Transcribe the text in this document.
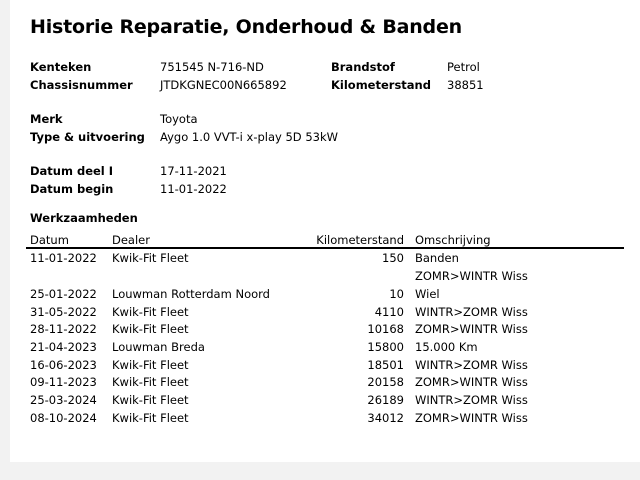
Historie Reparatie, Onderhoud & Banden
Kenteken	751545 N-716-ND	Brandstof	Petrol
Chassisnummer JTDKGNEC00N665892	Kilometerstand 38851
Merk	Toyota
Type & uitvoering Aygo 1.0 VVT-i x-play 5D 53kW
Datum deel I	17-11-2021
Datum begin	11-01-2022
Werkzaamheden
Datum	Dealer	Kilometerstand Omschrijving
11-01-2022 Kwik-Fit Fleet	150 Banden
ZOMR>WINTR Wiss
25-01-2022 Louwman Rotterdam Noord	10 Wiel
31-05-2022 Kwik-Fit Fleet	4110 WINTR>ZOMR Wiss
28-11-2022 Kwik-Fit Fleet	10168 ZOMR>WINTR Wiss
21-04-2023 Louwman Breda	15800 15.000 Km
16-06-2023 Kwik-Fit Fleet	18501 WINTR>ZOMR Wiss
09-11-2023 Kwik-Fit Fleet	20158 ZOMR>WINTR Wiss
25-03-2024 Kwik-Fit Fleet	26189 WINTR>ZOMR Wiss
08-10-2024 Kwik-Fit Fleet	34012 ZOMR>WINTR Wiss
